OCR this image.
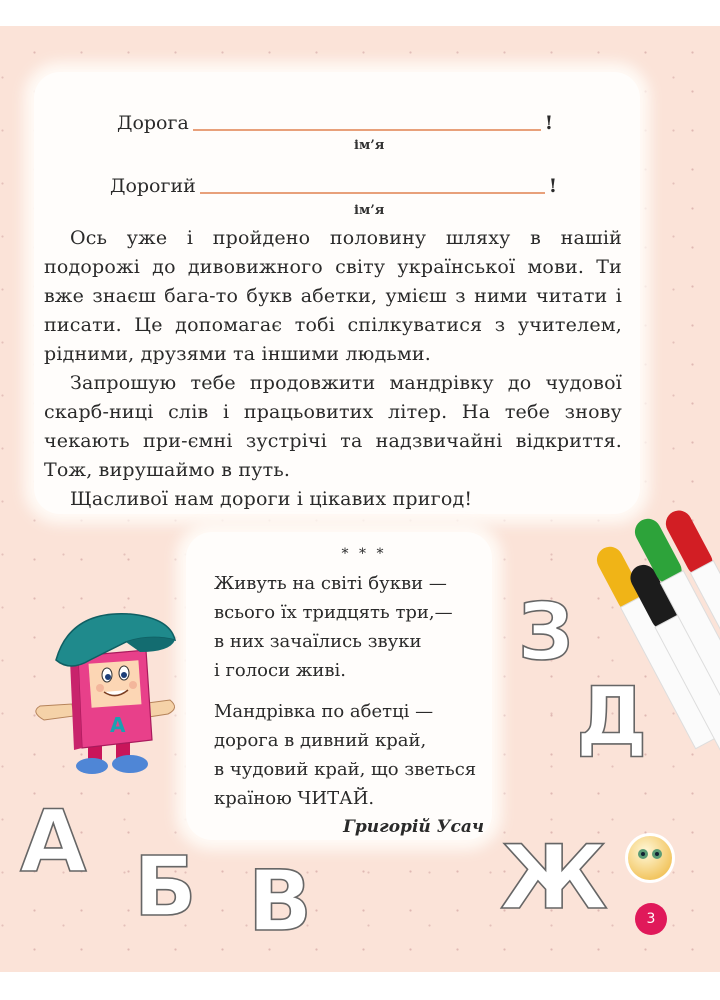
Дорога	!
ім’я
Дорогий	!
ім’я

Ось уже і пройдено половину шляху в нашій подорожі до дивовижного світу української мови. Ти вже знаєш бага-то букв абетки, умієш з ними читати і писати. Це допомагає тобі спілкуватися з учителем, рідними, друзями та іншими людьми.

Запрошую тебе продовжити мандрівку до чудової скарб-ниці слів і працьовитих літер. На тебе знову чекають при-ємні зустрічі та надзвичайні відкриття. Тож, вирушаймо в путь.

Щасливої нам дороги і цікавих пригод!

* * *
Живуть на світі букви —
всього їх тридцять три,—
в них зачаїлись звуки
і голоси живі.
Мандрівка по абетці —
дорога в дивний край,
в чудовий край, що зветься
країною ЧИТАЙ.
Григорій Усач
А
З
Д
А Б В Ж	3
